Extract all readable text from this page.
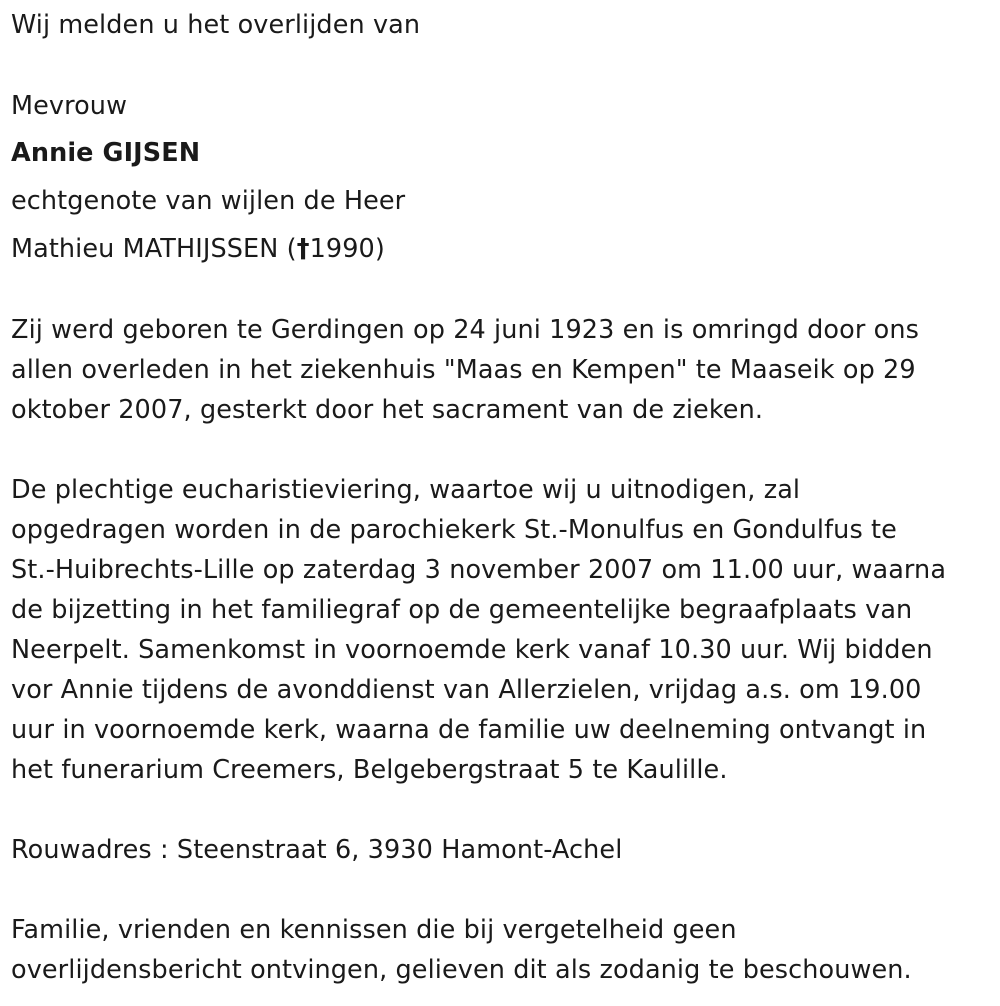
Wij melden u het overlijden van
Mevrouw
Annie GIJSEN
echtgenote van wijlen de Heer
Mathieu MATHIJSSEN (†1990)
Zij werd geboren te Gerdingen op 24 juni 1923 en is omringd door ons
allen overleden in het ziekenhuis "Maas en Kempen" te Maaseik op 29
oktober 2007, gesterkt door het sacrament van de zieken.
De plechtige eucharistieviering, waartoe wij u uitnodigen, zal
opgedragen worden in de parochiekerk St.-Monulfus en Gondulfus te
St.-Huibrechts-Lille op zaterdag 3 november 2007 om 11.00 uur, waarna
de bijzetting in het familiegraf op de gemeentelijke begraafplaats van
Neerpelt. Samenkomst in voornoemde kerk vanaf 10.30 uur. Wij bidden
vor Annie tijdens de avonddienst van Allerzielen, vrijdag a.s. om 19.00
uur in voornoemde kerk, waarna de familie uw deelneming ontvangt in
het funerarium Creemers, Belgebergstraat 5 te Kaulille.
Rouwadres : Steenstraat 6, 3930 Hamont-Achel
Familie, vrienden en kennissen die bij vergetelheid geen
overlijdensbericht ontvingen, gelieven dit als zodanig te beschouwen.
